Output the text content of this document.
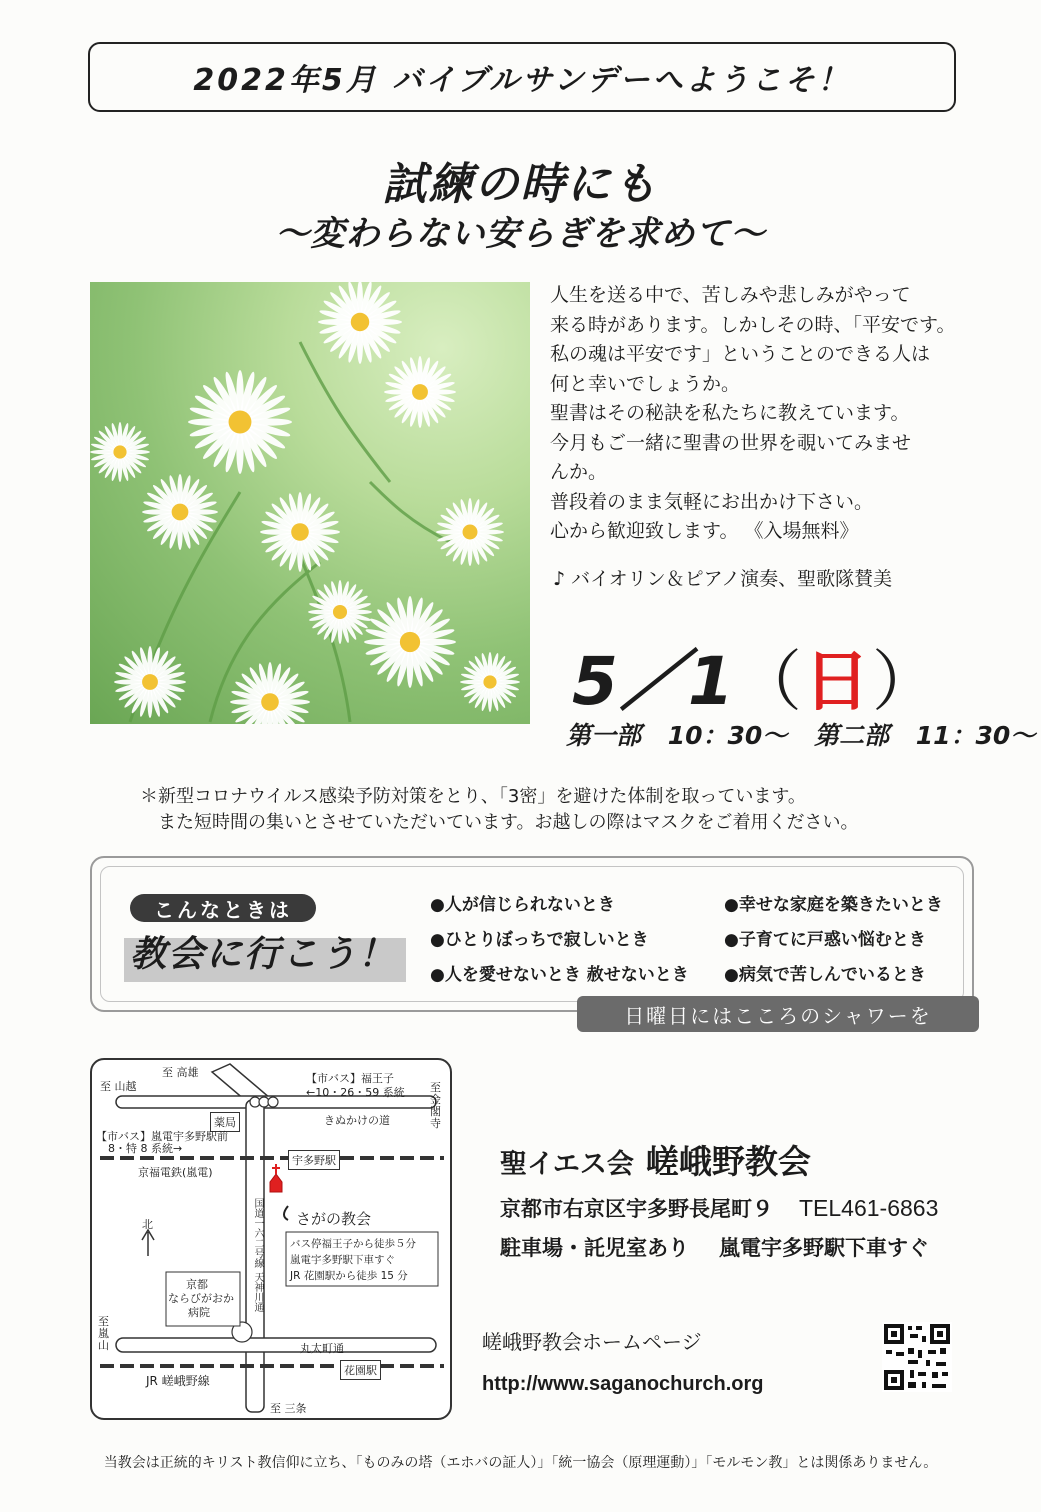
2022年5月 バイブルサンデーへようこそ！
試練の時にも
～変わらない安らぎを求めて～

人生を送る中で、苦しみや悲しみがやって

来る時があります。しかしその時、「平安です。

私の魂は平安です」ということのできる人は

何と幸いでしょうか。

聖書はその秘訣を私たちに教えています。

今月もご一緒に聖書の世界を覗いてみませ

んか。

普段着のまま気軽にお出かけ下さい。

心から歓迎致します。 《入場無料》

♪ バイオリン＆ピアノ演奏、聖歌隊賛美
5／1（日）
第一部 10：30～ 第二部 11：30～

＊新型コロナウイルス感染予防対策をとり、「3密」を避けた体制を取っています。

また短時間の集いとさせていただいています。お越しの際はマスクをご着用ください。

こんなときは
教会に行こう！
●人が信じられないとき
●ひとりぼっちで寂しいとき
●人を愛せないとき 赦せないとき
●幸せな家庭を築きたいとき
●子育てに戸惑い悩むとき
●病気で苦しんでいるとき
日曜日にはこころのシャワーを
至 高雄
至 山越	至
金
閣
寺
【市バス】福王子
←10・26・59 系統
薬局	きぬかけの道
【市バス】嵐電宇多野駅前
8・特 8 系統→
宇多野駅
京福電鉄(嵐電)
さがの教会
北	国道一六二号線
天神川通
バス停福王子から徒歩５分
嵐電宇多野駅下車すぐ
JR 花園駅から徒歩 15 分
京都
ならびがおか
病院
至
嵐
山	丸太町通
花園駅
JR 嵯峨野線
至 三条
聖イエス会 嵯峨野教会
京都市右京区宇多野長尾町９ TEL461-6863
駐車場・託児室あり 嵐電宇多野駅下車すぐ
嵯峨野教会ホームページ
http://www.saganochurch.org
当教会は正統的キリスト教信仰に立ち、「ものみの塔（エホバの証人）」「統一協会（原理運動）」「モルモン教」とは関係ありません。
